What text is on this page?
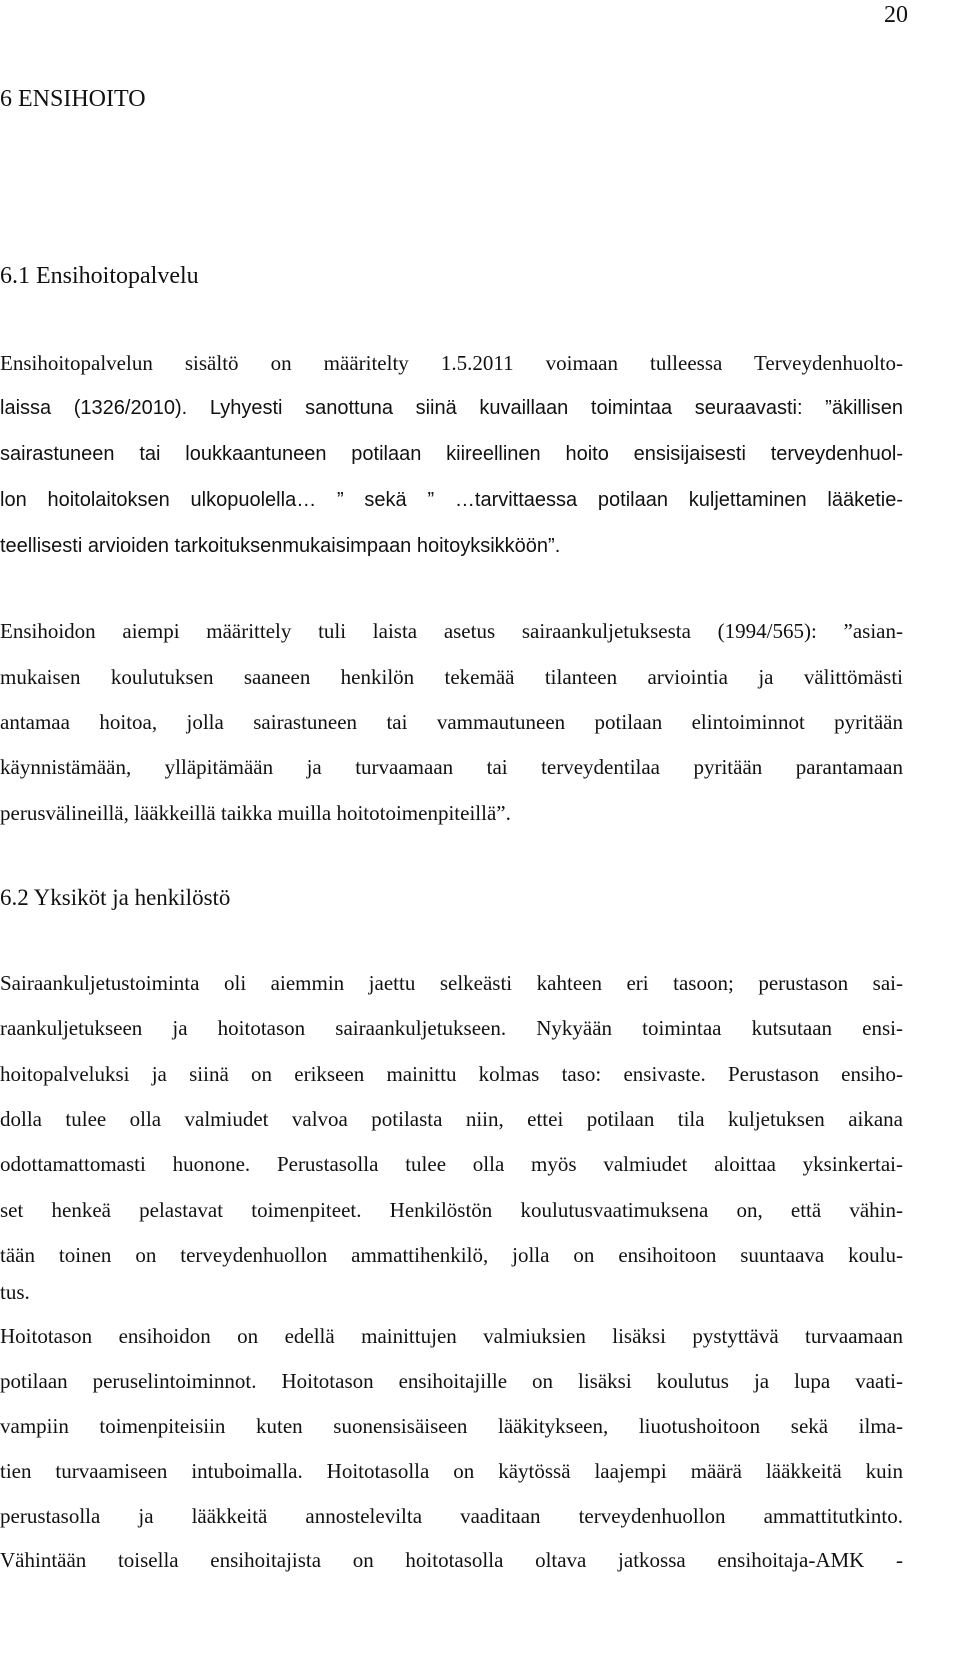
20
6 ENSIHOITO
6.1 Ensihoitopalvelu
Ensihoitopalvelun sisältö on määritelty 1.5.2011 voimaan tulleessa Terveydenhuolto-
laissa (1326/2010). Lyhyesti sanottuna siinä kuvaillaan toimintaa seuraavasti: ”äkillisen
sairastuneen tai loukkaantuneen potilaan kiireellinen hoito ensisijaisesti terveydenhuol-
lon hoitolaitoksen ulkopuolella… ” sekä ” …tarvittaessa potilaan kuljettaminen lääketie-
teellisesti arvioiden tarkoituksenmukaisimpaan hoitoyksikköön”.
Ensihoidon aiempi määrittely tuli laista asetus sairaankuljetuksesta (1994/565): ”asian-
mukaisen koulutuksen saaneen henkilön tekemää tilanteen arviointia ja välittömästi
antamaa hoitoa, jolla sairastuneen tai vammautuneen potilaan elintoiminnot pyritään
käynnistämään, ylläpitämään ja turvaamaan tai terveydentilaa pyritään parantamaan
perusvälineillä, lääkkeillä taikka muilla hoitotoimenpiteillä”.
6.2 Yksiköt ja henkilöstö
Sairaankuljetustoiminta oli aiemmin jaettu selkeästi kahteen eri tasoon; perustason sai-
raankuljetukseen ja hoitotason sairaankuljetukseen. Nykyään toimintaa kutsutaan ensi-
hoitopalveluksi ja siinä on erikseen mainittu kolmas taso: ensivaste. Perustason ensiho-
dolla tulee olla valmiudet valvoa potilasta niin, ettei potilaan tila kuljetuksen aikana
odottamattomasti huonone. Perustasolla tulee olla myös valmiudet aloittaa yksinkertai-
set henkeä pelastavat toimenpiteet. Henkilöstön koulutusvaatimuksena on, että vähin-
tään toinen on terveydenhuollon ammattihenkilö, jolla on ensihoitoon suuntaava koulu-
tus.
Hoitotason ensihoidon on edellä mainittujen valmiuksien lisäksi pystyttävä turvaamaan
potilaan peruselintoiminnot. Hoitotason ensihoitajille on lisäksi koulutus ja lupa vaati-
vampiin toimenpiteisiin kuten suonensisäiseen lääkitykseen, liuotushoitoon sekä ilma-
tien turvaamiseen intuboimalla. Hoitotasolla on käytössä laajempi määrä lääkkeitä kuin
perustasolla ja lääkkeitä annostelevilta vaaditaan terveydenhuollon ammattitutkinto.
Vähintään toisella ensihoitajista on hoitotasolla oltava jatkossa ensihoitaja-AMK -
